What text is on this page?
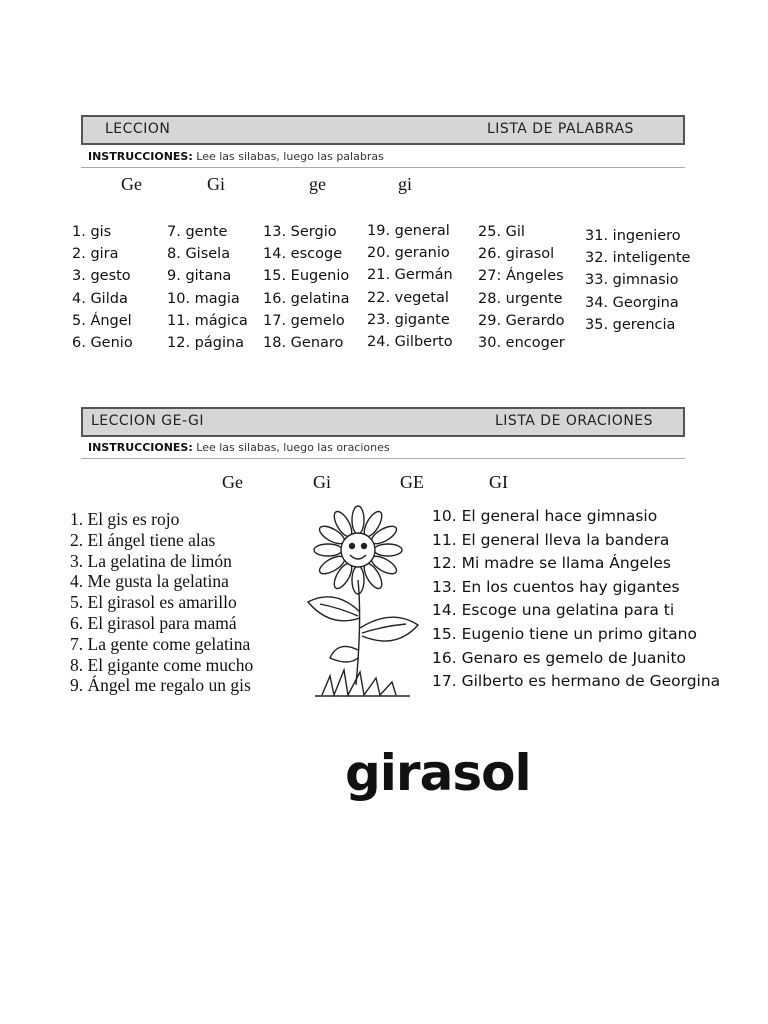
LECCION	LISTA DE PALABRAS
INSTRUCCIONES: Lee las silabas, luego las palabras
Ge	Gi	ge	gi
1. gis
2. gira
3. gesto
4. Gilda
5. Ángel
6. Genio
7. gente
8. Gisela
9. gitana
10. magia
11. mágica
12. página
13. Sergio
14. escoge
15. Eugenio
16. gelatina
17. gemelo
18. Genaro
19. general
20. geranio
21. Germán
22. vegetal
23. gigante
24. Gilberto
25. Gil
26. girasol
27: Ángeles
28. urgente
29. Gerardo
30. encoger
31. ingeniero
32. inteligente
33. gimnasio
34. Georgina
35. gerencia
LECCION GE-GI	LISTA DE ORACIONES
INSTRUCCIONES: Lee las silabas, luego las oraciones
Ge	Gi	GE	GI
1. El gis es rojo
2. El ángel tiene alas
3. La gelatina de limón
4. Me gusta la gelatina
5. El girasol es amarillo
6. El girasol para mamá
7. La gente come gelatina
8. El gigante come mucho
9. Ángel me regalo un gis
10. El general hace gimnasio
11. El general lleva la bandera
12. Mi madre se llama Ángeles
13. En los cuentos hay gigantes
14. Escoge una gelatina para ti
15. Eugenio tiene un primo gitano
16. Genaro es gemelo de Juanito
17. Gilberto es hermano de Georgina
girasol
